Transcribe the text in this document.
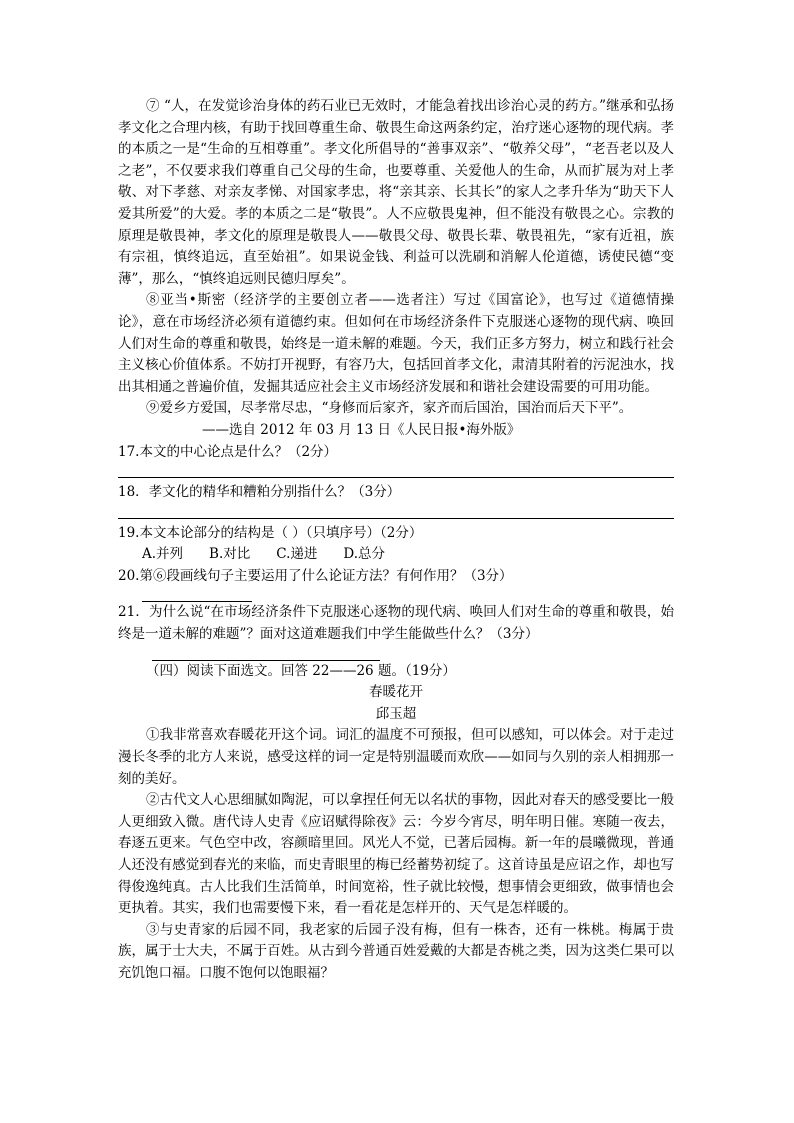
⑦ “人，在发觉诊治身体的药石业已无效时，才能急着找出诊治心灵的药方。”继承和弘扬孝文化之合理内核，有助于找回尊重生命、敬畏生命这两条约定，治疗迷心逐物的现代病。孝的本质之一是“生命的互相尊重”。孝文化所倡导的“善事双亲”、“敬养父母”，“老吾老以及人之老”，不仅要求我们尊重自己父母的生命，也要尊重、关爱他人的生命，从而扩展为对上孝敬、对下孝慈、对亲友孝悌、对国家孝忠，将“亲其亲、长其长”的家人之孝升华为“助天下人爱其所爱”的大爱。孝的本质之二是“敬畏”。人不应敬畏鬼神，但不能没有敬畏之心。宗教的原理是敬畏神，孝文化的原理是敬畏人——敬畏父母、敬畏长辈、敬畏祖先，“家有近祖，族有宗祖，慎终追远，直至始祖”。如果说金钱、利益可以洗刷和消解人伦道德，诱使民德“变薄”，那么，“慎终追远则民德归厚矣”。

⑧亚当•斯密（经济学的主要创立者——选者注）写过《国富论》，也写过《道德情操论》，意在市场经济必须有道德约束。但如何在市场经济条件下克服迷心逐物的现代病、唤回人们对生命的尊重和敬畏，始终是一道未解的难题。今天，我们正多方努力，树立和践行社会主义核心价值体系。不妨打开视野，有容乃大，包括回首孝文化，肃清其附着的污泥浊水，找出其相通之普遍价值，发掘其适应社会主义市场经济发展和和谐社会建设需要的可用功能。

⑨爱乡方爱国，尽孝常尽忠，“身修而后家齐，家齐而后国治，国治而后天下平”。

——选自 2012 年 03 月 13 日《人民日报•海外版》

17.本文的中心论点是什么？（2分）

18．孝文化的精华和糟粕分别指什么？（3分）

19.本文本论部分的结构是（ ）（只填序号）（2分）

A.并列 B.对比 C.递进 D.总分

20.第⑥段画线句子主要运用了什么论证方法？有何作用？（3分）

21．为什么说“在市场经济条件下克服迷心逐物的现代病、唤回人们对生命的尊重和敬畏，始终是一道未解的难题”？面对这道难题我们中学生能做些什么？（3分）

（四）阅读下面选文。回答 22——26 题。（19分）

春暖花开

邱玉超

①我非常喜欢春暖花开这个词。词汇的温度不可预报，但可以感知，可以体会。对于走过漫长冬季的北方人来说，感受这样的词一定是特别温暖而欢欣——如同与久别的亲人相拥那一刻的美好。

②古代文人心思细腻如陶泥，可以拿捏任何无以名状的事物，因此对春天的感受要比一般人更细致入微。唐代诗人史青《应诏赋得除夜》云：今岁今宵尽，明年明日催。寒随一夜去，春逐五更来。气色空中改，容颜暗里回。风光人不觉，已著后园梅。新一年的晨曦微现，普通人还没有感觉到春光的来临，而史青眼里的梅已经蓄势初绽了。这首诗虽是应诏之作，却也写得俊逸纯真。古人比我们生活简单，时间宽裕，性子就比较慢，想事情会更细致，做事情也会更执着。其实，我们也需要慢下来，看一看花是怎样开的、天气是怎样暖的。

③与史青家的后园不同，我老家的后园子没有梅，但有一株杏，还有一株桃。梅属于贵族，属于士大夫，不属于百姓。从古到今普通百姓爱戴的大都是杏桃之类，因为这类仁果可以充饥饱口福。口腹不饱何以饱眼福？
